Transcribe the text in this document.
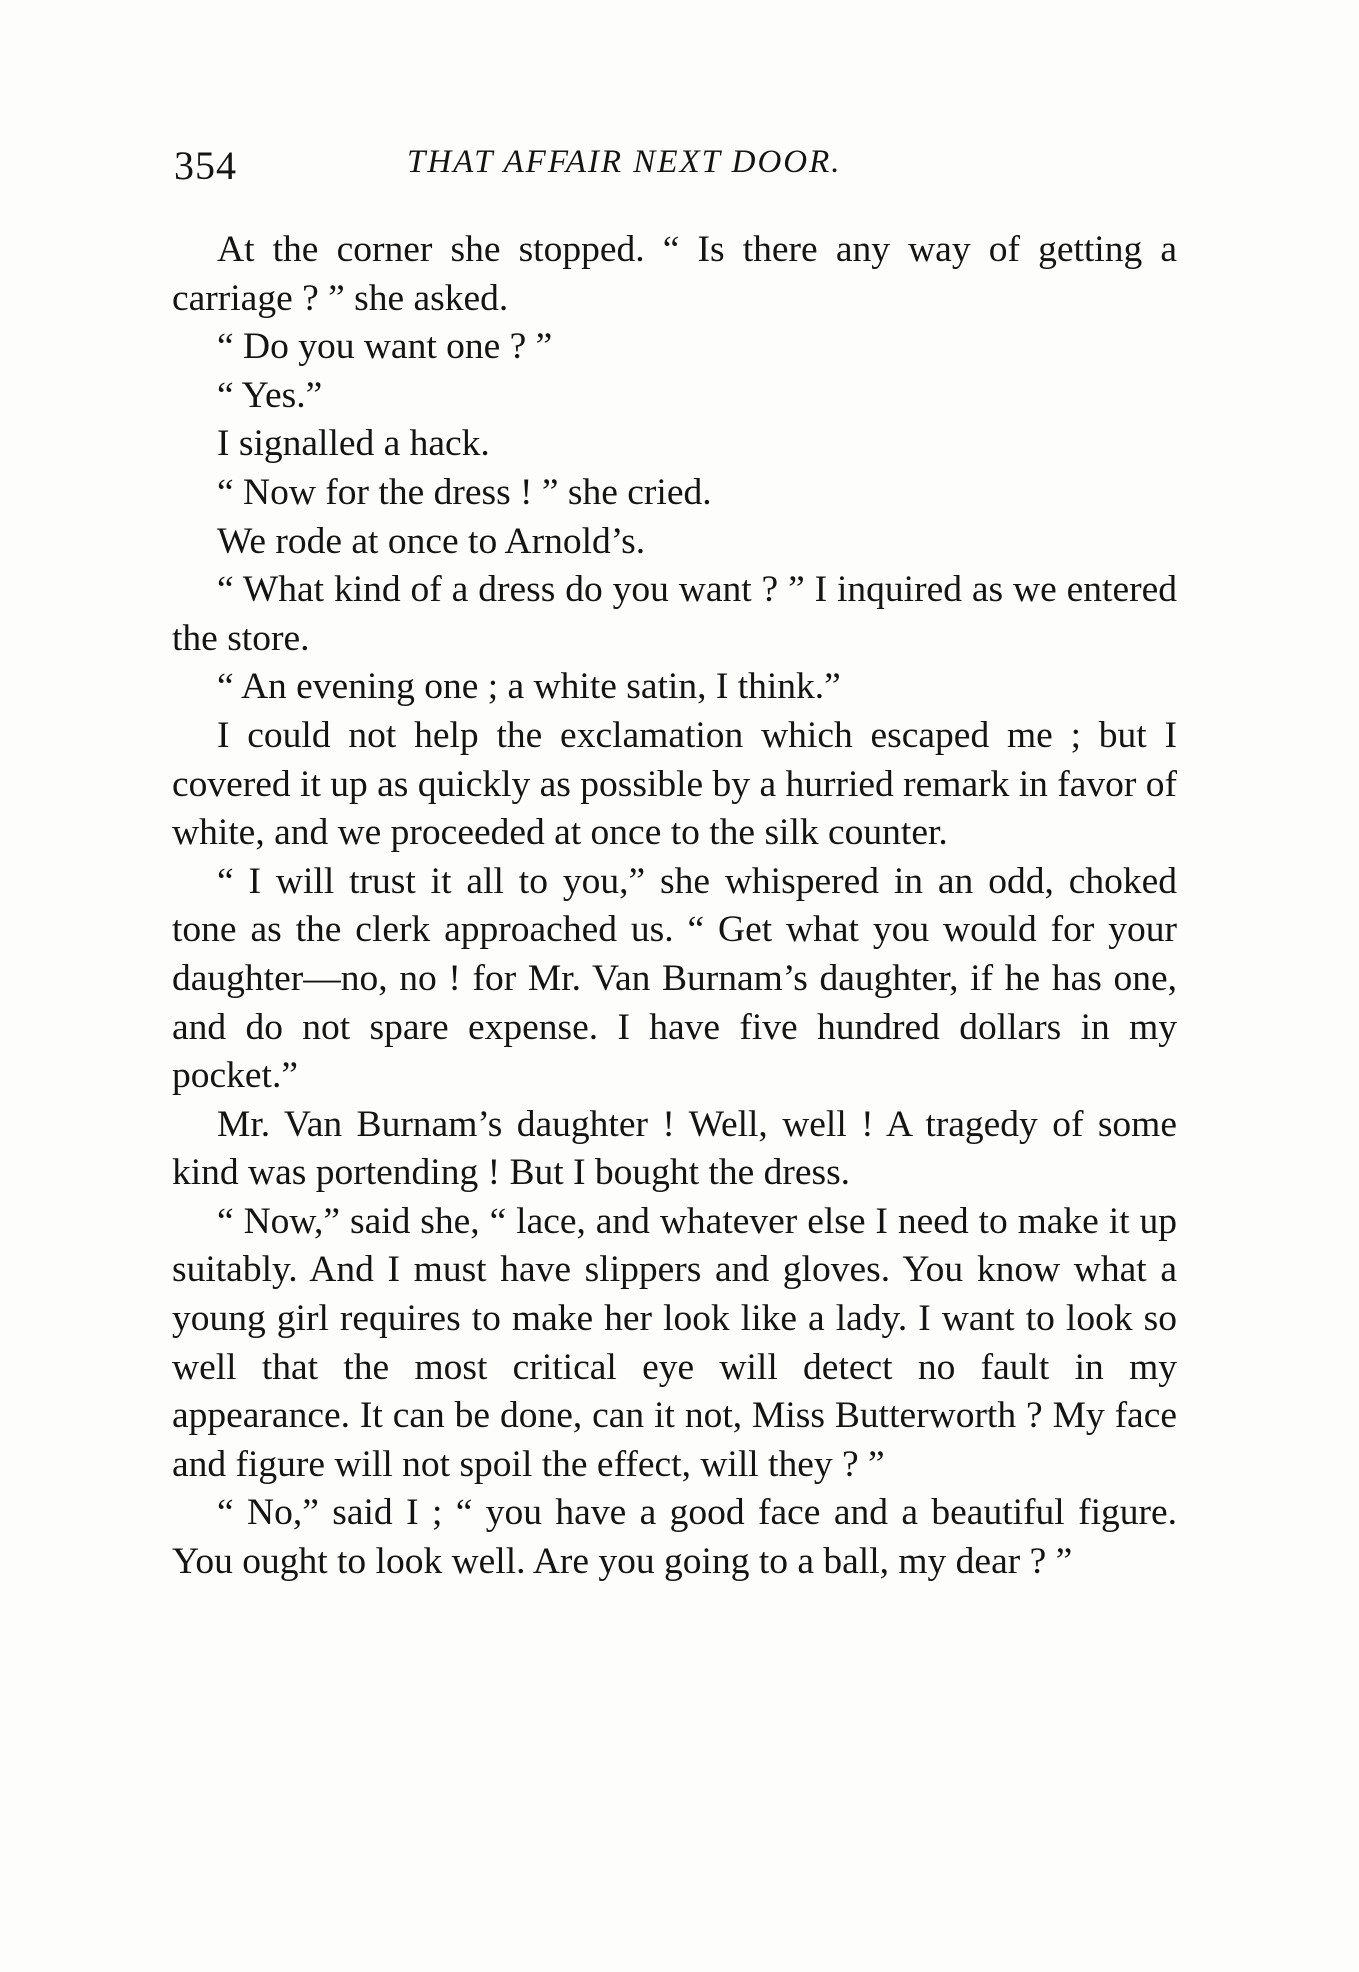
354	THAT AFFAIR NEXT DOOR.

At the corner she stopped. “ Is there any way of getting a carriage ? ” she asked.

“ Do you want one ? ”

“ Yes.”

I signalled a hack.

“ Now for the dress ! ” she cried.

We rode at once to Arnold’s.

“ What kind of a dress do you want ? ” I inquired as we entered the store.

“ An evening one ; a white satin, I think.”

I could not help the exclamation which escaped me ; but I covered it up as quickly as possible by a hurried remark in favor of white, and we proceeded at once to the silk counter.

“ I will trust it all to you,” she whispered in an odd, choked tone as the clerk approached us. “ Get what you would for your daughter—no, no ! for Mr. Van Burnam’s daughter, if he has one, and do not spare expense. I have five hundred dollars in my pocket.”

Mr. Van Burnam’s daughter ! Well, well ! A tragedy of some kind was portending ! But I bought the dress.

“ Now,” said she, “ lace, and whatever else I need to make it up suitably. And I must have slippers and gloves. You know what a young girl requires to make her look like a lady. I want to look so well that the most critical eye will detect no fault in my appearance. It can be done, can it not, Miss Butterworth ? My face and figure will not spoil the effect, will they ? ”

“ No,” said I ; “ you have a good face and a beautiful figure. You ought to look well. Are you going to a ball, my dear ? ”
